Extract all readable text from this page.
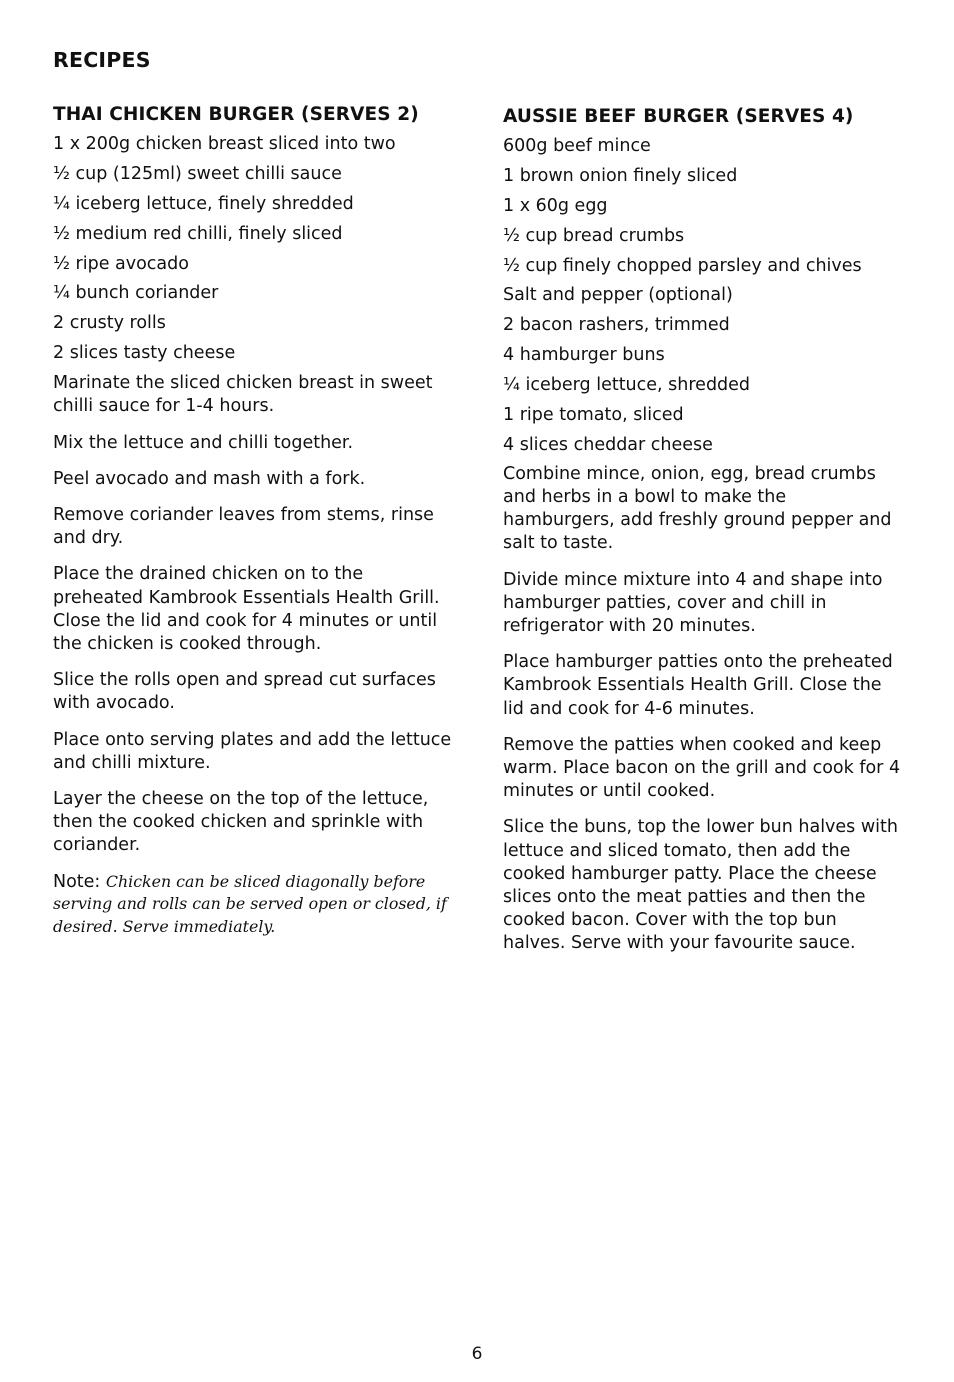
RECIPES
THAI CHICKEN BURGER (SERVES 2)
1 x 200g chicken breast sliced into two
½ cup (125ml) sweet chilli sauce
¼ iceberg lettuce, finely shredded
½ medium red chilli, finely sliced
½ ripe avocado
¼ bunch coriander
2 crusty rolls
2 slices tasty cheese

Marinate the sliced chicken breast in sweet chilli sauce for 1-4 hours.

Mix the lettuce and chilli together.

Peel avocado and mash with a fork.

Remove coriander leaves from stems, rinse and dry.

Place the drained chicken on to the preheated Kambrook Essentials Health Grill. Close the lid and cook for 4 minutes or until the chicken is cooked through.

Slice the rolls open and spread cut surfaces with avocado.

Place onto serving plates and add the lettuce and chilli mixture.

Layer the cheese on the top of the lettuce, then the cooked chicken and sprinkle with coriander.

Note: Chicken can be sliced diagonally before serving and rolls can be served open or closed, if desired. Serve immediately.

AUSSIE BEEF BURGER (SERVES 4)
600g beef mince
1 brown onion finely sliced
1 x 60g egg
½ cup bread crumbs
½ cup finely chopped parsley and chives
Salt and pepper (optional)
2 bacon rashers, trimmed
4 hamburger buns
¼ iceberg lettuce, shredded
1 ripe tomato, sliced
4 slices cheddar cheese

Combine mince, onion, egg, bread crumbs and herbs in a bowl to make the hamburgers, add freshly ground pepper and salt to taste.

Divide mince mixture into 4 and shape into hamburger patties, cover and chill in refrigerator with 20 minutes.

Place hamburger patties onto the preheated Kambrook Essentials Health Grill. Close the lid and cook for 4-6 minutes.

Remove the patties when cooked and keep warm. Place bacon on the grill and cook for 4 minutes or until cooked.

Slice the buns, top the lower bun halves with lettuce and sliced tomato, then add the cooked hamburger patty. Place the cheese slices onto the meat patties and then the cooked bacon. Cover with the top bun halves. Serve with your favourite sauce.

6
